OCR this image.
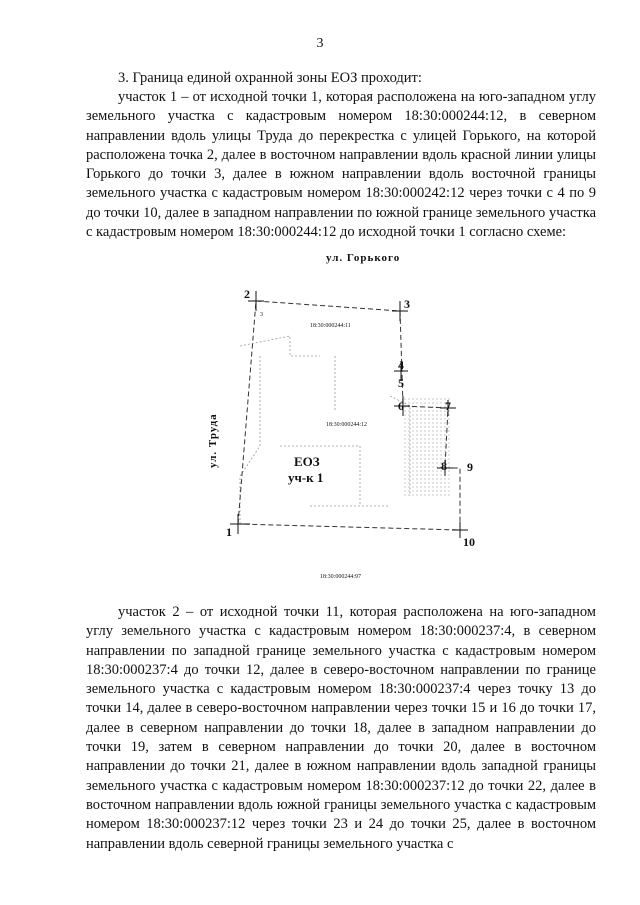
3
3. Граница единой охранной зоны ЕОЗ проходит:

участок 1 – от исходной точки 1, которая расположена на юго-западном углу земельного участка с кадастровым номером 18:30:000244:12, в северном направлении вдоль улицы Труда до перекрестка с улицей Горького, на которой расположена точка 2, далее в восточном направлении вдоль красной линии улицы Горького до точки 3, далее в южном направлении вдоль восточной границы земельного участка с кадастровым номером 18:30:000242:12 через точки с 4 по 9 до точки 10, далее в западном направлении по южной границе земельного участка с кадастровым номером 18:30:000244:12 до исходной точки 1 согласно схеме:

1
2
3
4
5
6	7
8 9
10
3
18:30:000244:11
18:30:000244:12
18:30:000244:97
ул. Горького
ул. Труда	ЕОЗ
уч-к 1

участок 2 – от исходной точки 11, которая расположена на юго-западном углу земельного участка с кадастровым номером 18:30:000237:4, в северном направлении по западной границе земельного участка с кадастровым номером 18:30:000237:4 до точки 12, далее в северо-восточном направлении по границе земельного участка с кадастровым номером 18:30:000237:4 через точку 13 до точки 14, далее в северо-восточном направлении через точки 15 и 16 до точки 17, далее в северном направлении до точки 18, далее в западном направлении до точки 19, затем в северном направлении до точки 20, далее в восточном направлении до точки 21, далее в южном направлении вдоль западной границы земельного участка с кадастровым номером 18:30:000237:12 до точки 22, далее в восточном направлении вдоль южной границы земельного участка с кадастровым номером 18:30:000237:12 через точки 23 и 24 до точки 25, далее в восточном направлении вдоль северной границы земельного участка с
